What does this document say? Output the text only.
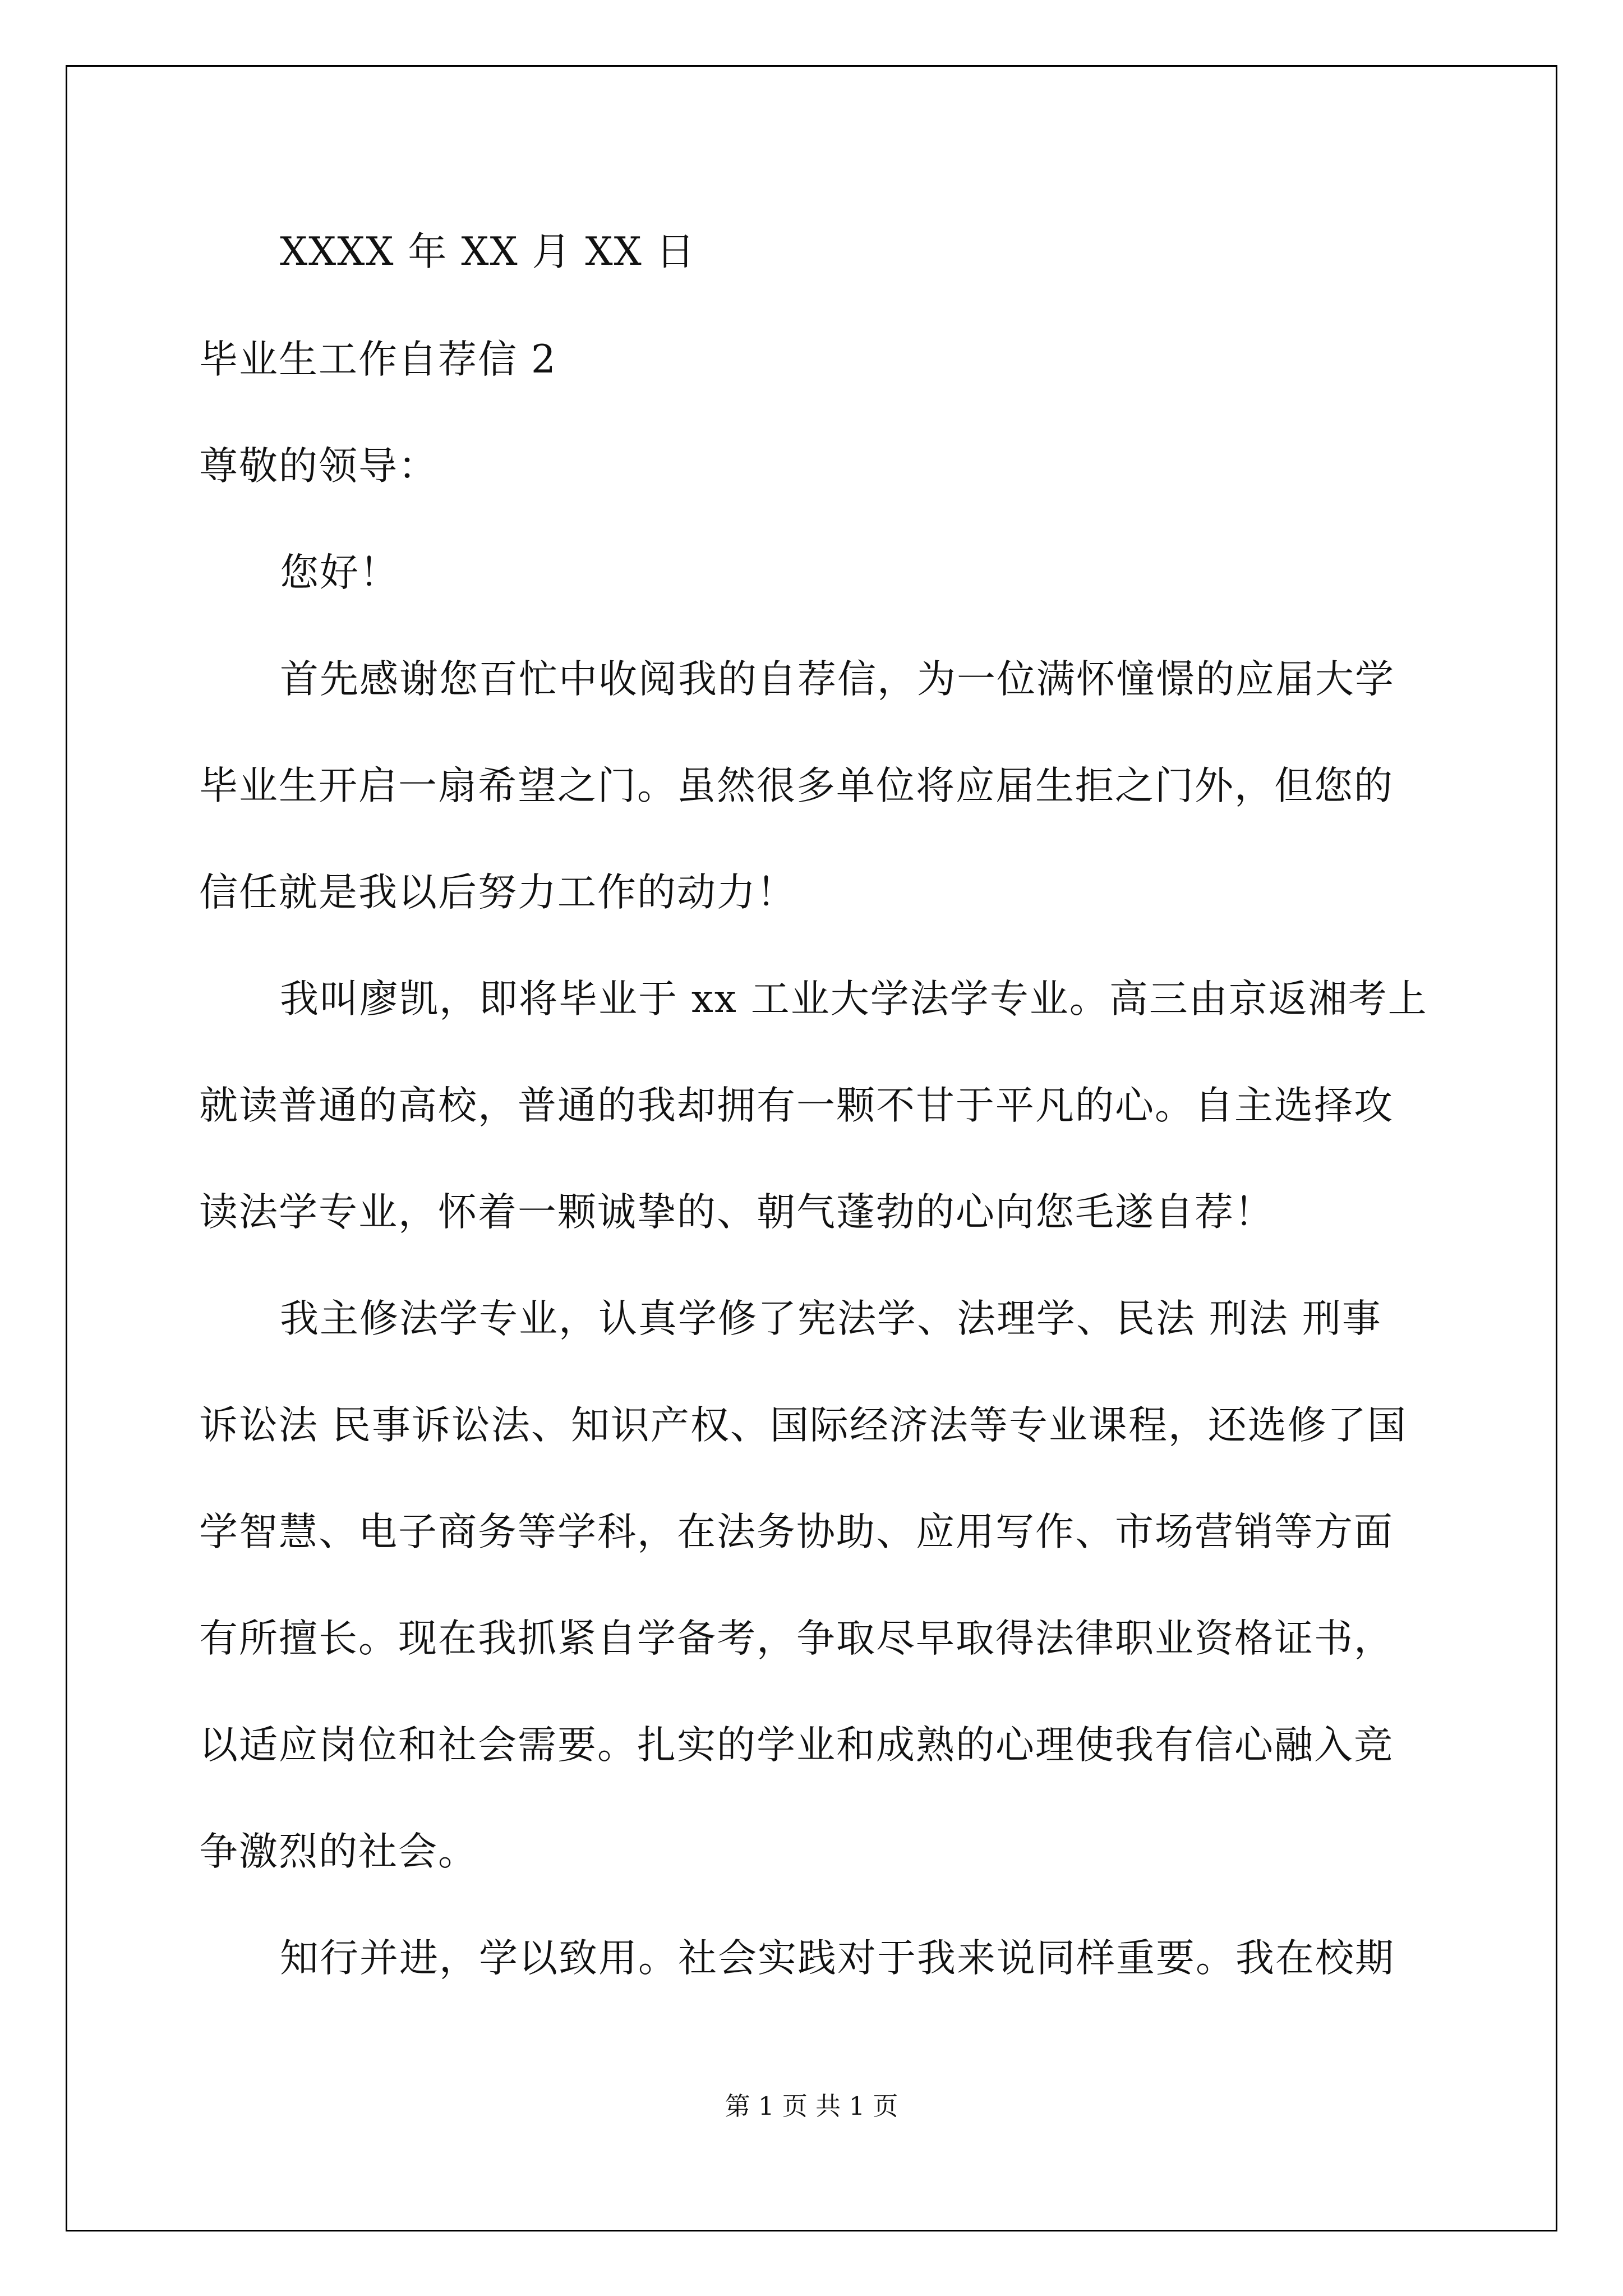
XXXX 年 XX 月 XX 日
毕业生工作自荐信 2
尊敬的领导：
您好！
首先感谢您百忙中收阅我的自荐信，为一位满怀憧憬的应届大学
毕业生开启一扇希望之门。虽然很多单位将应届生拒之门外，但您的
信任就是我以后努力工作的动力！
我叫廖凯，即将毕业于 xx 工业大学法学专业。高三由京返湘考上
就读普通的高校，普通的我却拥有一颗不甘于平凡的心。自主选择攻
读法学专业，怀着一颗诚挚的、朝气蓬勃的心向您毛遂自荐！
我主修法学专业，认真学修了宪法学、法理学、民法 刑法 刑事
诉讼法 民事诉讼法、知识产权、国际经济法等专业课程，还选修了国
学智慧、电子商务等学科，在法务协助、应用写作、市场营销等方面
有所擅长。现在我抓紧自学备考，争取尽早取得法律职业资格证书，
以适应岗位和社会需要。扎实的学业和成熟的心理使我有信心融入竞
争激烈的社会。
知行并进，学以致用。社会实践对于我来说同样重要。我在校期
第 1 页 共 1 页
